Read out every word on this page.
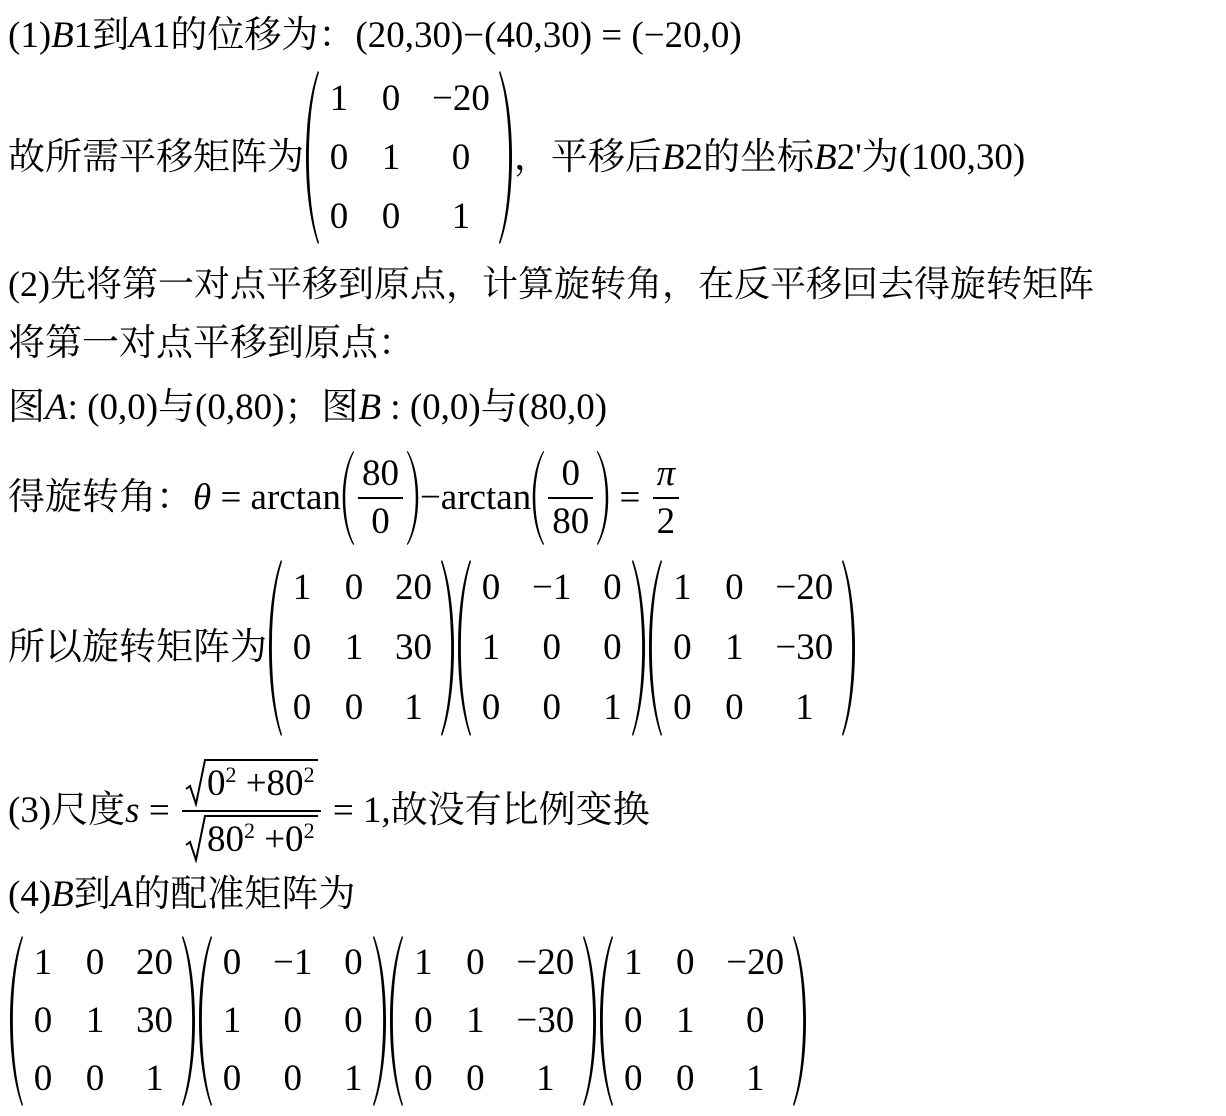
(1) B 1到 A 1的位移为： (20,30)−(40,30) = (−20,0)
故所需平移矩阵为
1 0 −20
0 1	0
0 0	1
，平移后 B 2的坐标 B 2'为(100,30)
(2)先将第一对点平移到原点，计算旋转角，在反平移回去得旋转矩阵
将第一对点平移到原点：
图 A : (0,0)与(0,80)；图 B : (0,0)与(80,0)
得旋转角： $\theta = \arctan \frac{80}{0} -\arctan \frac{0}{80} = \frac{\pi}{2}$
所以旋转矩阵为
1 0 20
0 1 30
0 0 1
0 −1 0
1 0 0
0 0 1
1 0 −20
0 1 −30
0 0	1
(3)尺度 $s = \frac{0^2 +80^2}{80^2 +0^2} = 1$,故没有比例变换
(4) B 到 A 的配准矩阵为
1 0 20
0 1 30
0 0 1
0 −1 0
1 0 0
0 0 1
1 0 −20
0 1 −30
0 0	1
1 0 −20
0 1	0
0 0	1
